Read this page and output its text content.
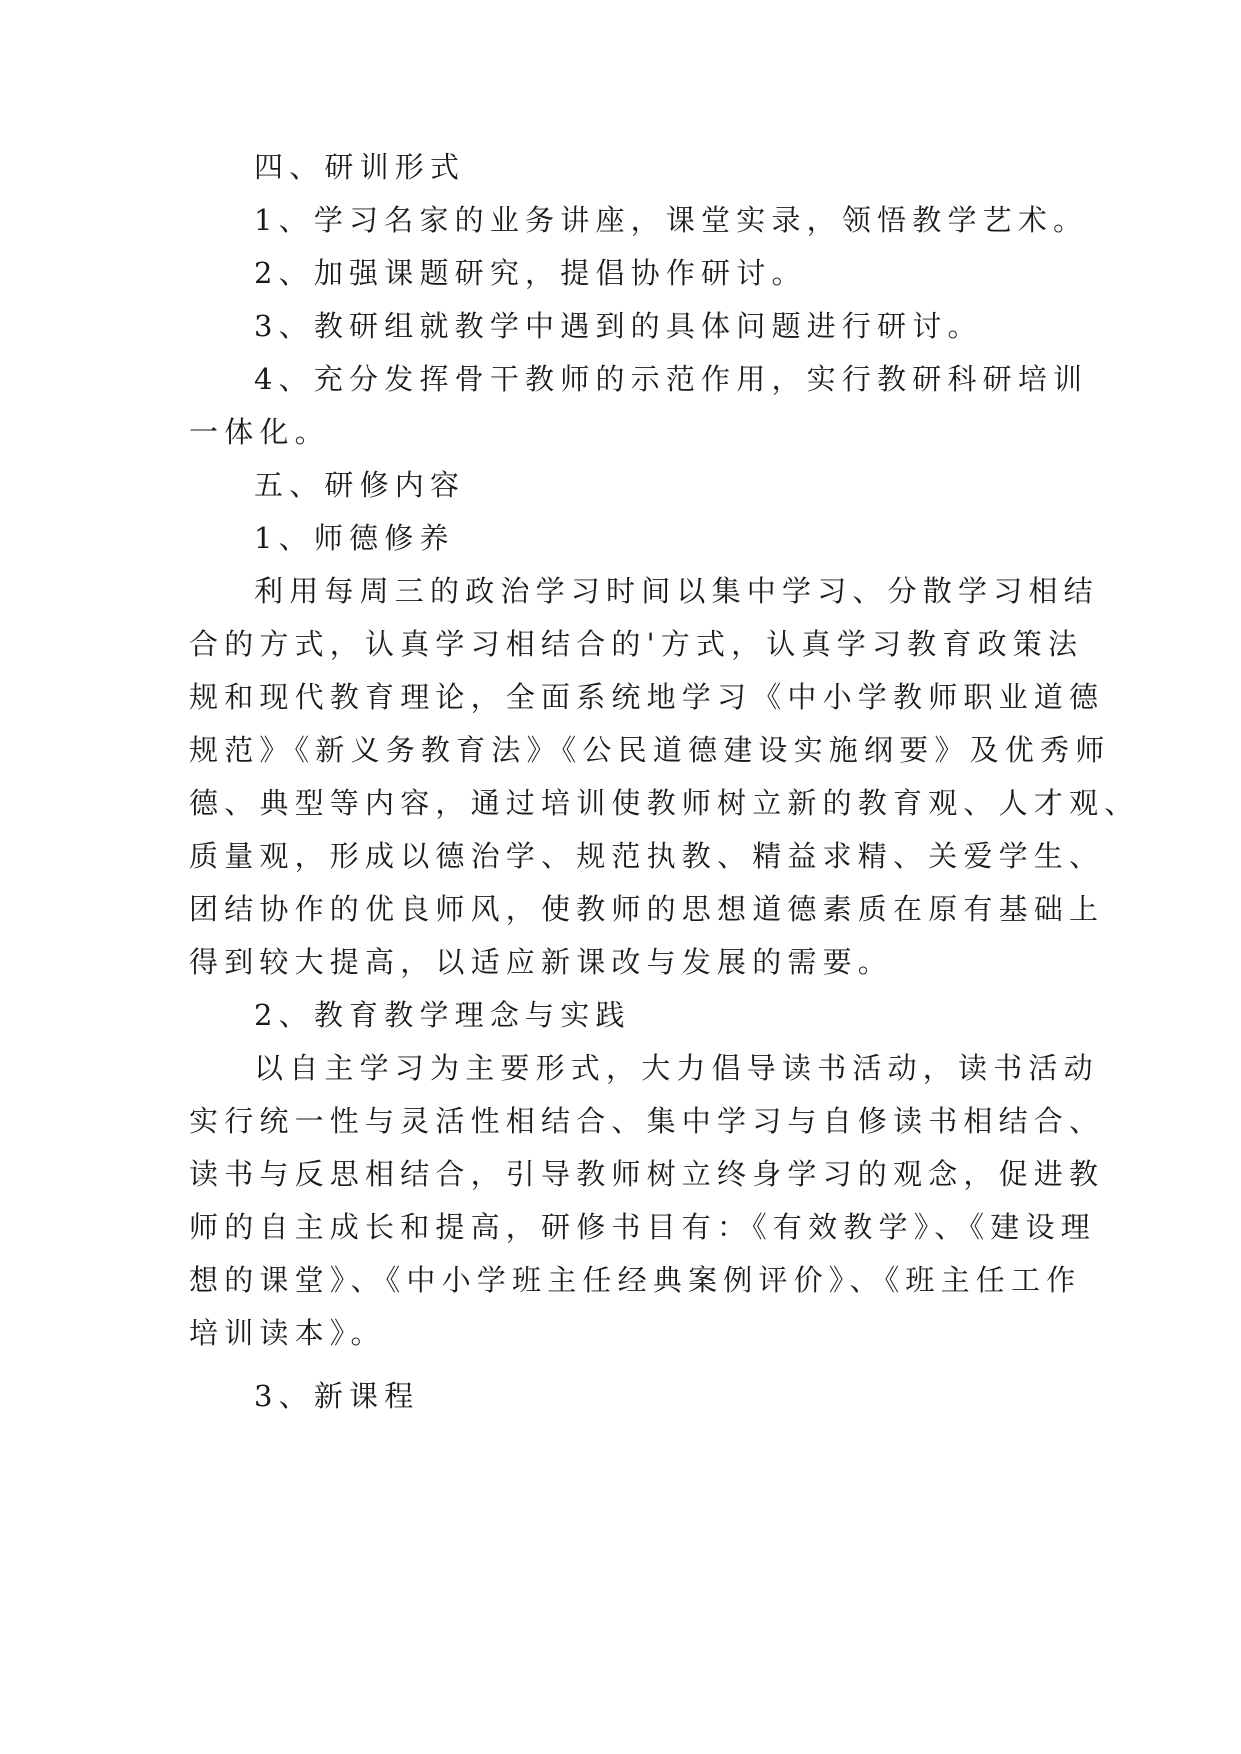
四、研训形式
1、学习名家的业务讲座，课堂实录，领悟教学艺术。
2、加强课题研究，提倡协作研讨。
3、教研组就教学中遇到的具体问题进行研讨。
4、充分发挥骨干教师的示范作用，实行教研科研培训
一体化。
五、研修内容
1、师德修养
利用每周三的政治学习时间以集中学习、分散学习相结
合的方式，认真学习相结合的'方式，认真学习教育政策法
规和现代教育理论，全面系统地学习《中小学教师职业道德
规范》《新义务教育法》《公民道德建设实施纲要》及优秀师
德、典型等内容，通过培训使教师树立新的教育观、人才观、
质量观，形成以德治学、规范执教、精益求精、关爱学生、
团结协作的优良师风，使教师的思想道德素质在原有基础上
得到较大提高，以适应新课改与发展的需要。
2、教育教学理念与实践
以自主学习为主要形式，大力倡导读书活动，读书活动
实行统一性与灵活性相结合、集中学习与自修读书相结合、
读书与反思相结合，引导教师树立终身学习的观念，促进教
师的自主成长和提高，研修书目有：《有效教学》、《建设理
想的课堂》、《中小学班主任经典案例评价》、《班主任工作
培训读本》。
3、新课程
